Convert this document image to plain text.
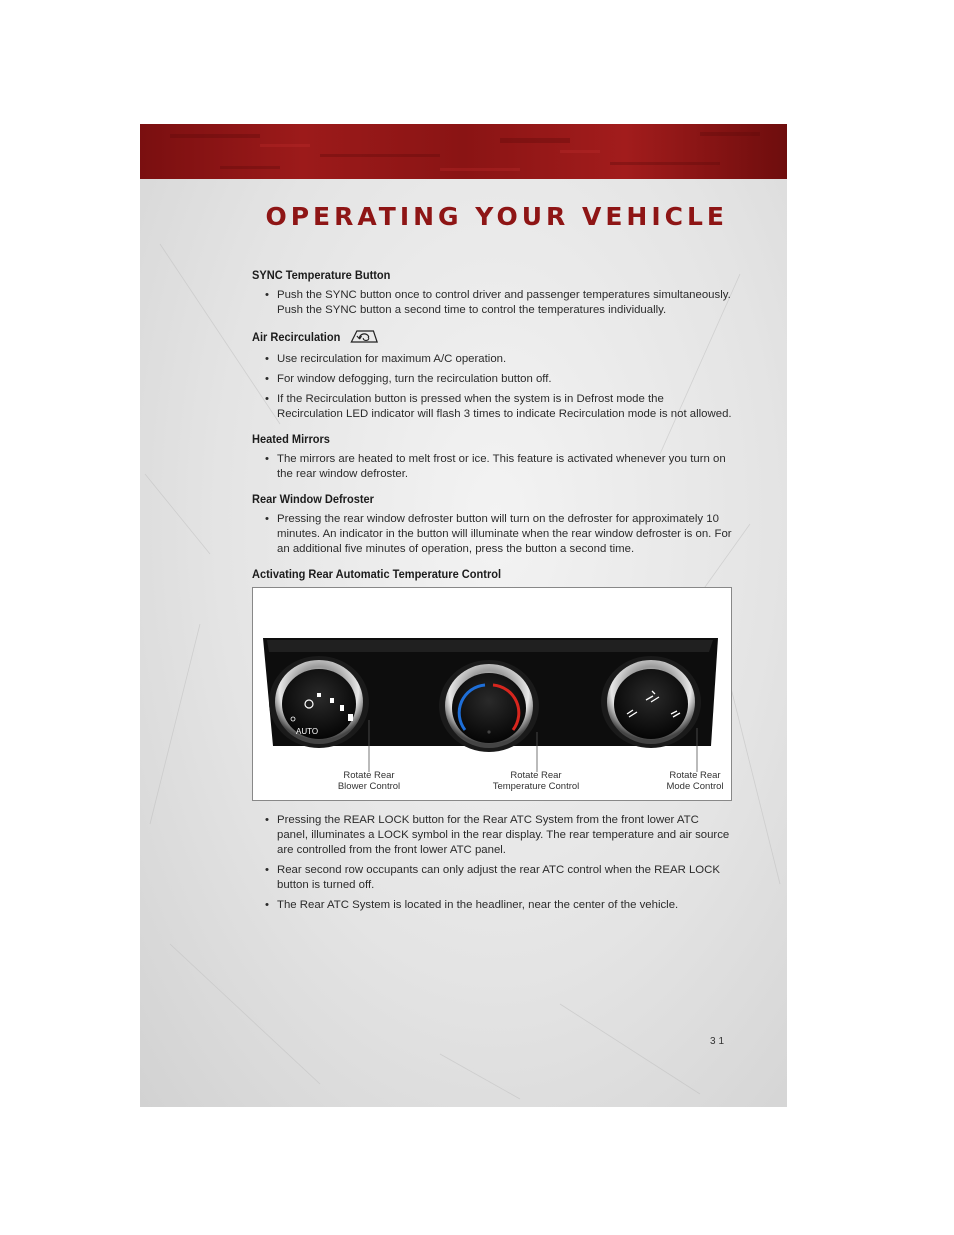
OPERATING YOUR VEHICLE
SYNC Temperature Button
• Push the SYNC button once to control driver and passenger temperatures simultaneously. Push the SYNC button a second time to control the temperatures individually.
Air Recirculation
• Use recirculation for maximum A/C operation.
• For window defogging, turn the recirculation button off.
• If the Recirculation button is pressed when the system is in Defrost mode the Recirculation LED indicator will flash 3 times to indicate Recirculation mode is not allowed.
Heated Mirrors
• The mirrors are heated to melt frost or ice. This feature is activated whenever you turn on the rear window defroster.
Rear Window Defroster
• Pressing the rear window defroster button will turn on the defroster for approximately 10 minutes. An indicator in the button will illuminate when the rear window defroster is on. For an additional five minutes of operation, press the button a second time.
Activating Rear Automatic Temperature Control
AUTO
Rotate Rear
Blower Control
Rotate Rear
Temperature Control
Rotate Rear
Mode Control
• Pressing the REAR LOCK button for the Rear ATC System from the front lower ATC panel, illuminates a LOCK symbol in the rear display. The rear temperature and air source are controlled from the front lower ATC panel.
• Rear second row occupants can only adjust the rear ATC control when the REAR LOCK button is turned off.
• The Rear ATC System is located in the headliner, near the center of the vehicle.
31
